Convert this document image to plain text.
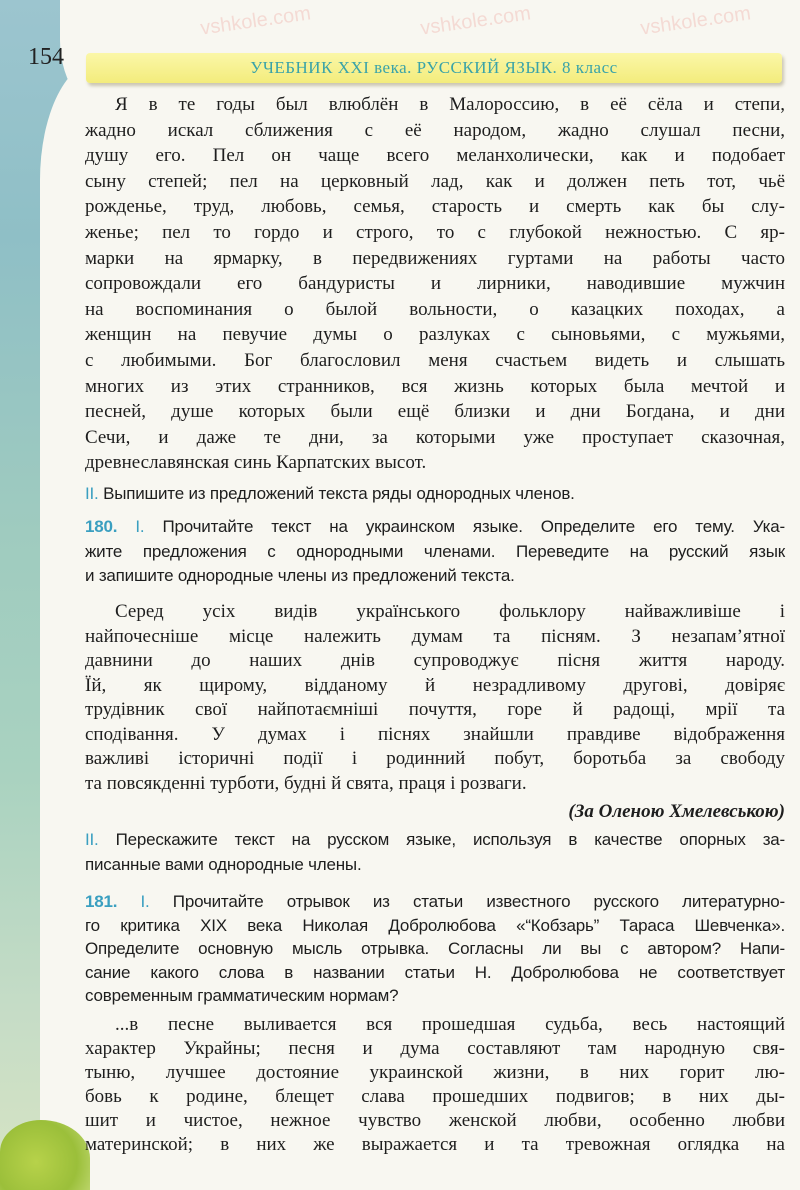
vshkole.com	vshkole.com	vshkole.com
154	УЧЕБНИК XXI века. РУССКИЙ ЯЗЫК. 8 класс
Я в те годы был влюблён в Малороссию, в её сёла и степи,
жадно искал сближения с её народом, жадно слушал песни,
душу его. Пел он чаще всего меланхолически, как и подобает
сыну степей; пел на церковный лад, как и должен петь тот, чьё
рожденье, труд, любовь, семья, старость и смерть как бы слу-
женье; пел то гордо и строго, то с глубокой нежностью. С яр-
марки на ярмарку, в передвижениях гуртами на работы часто
сопровождали его бандуристы и лирники, наводившие мужчин
на воспоминания о былой вольности, о казацких походах, а
женщин на певучие думы о разлуках с сыновьями, с мужьями,
с любимыми. Бог благословил меня счастьем видеть и слышать
многих из этих странников, вся жизнь которых была мечтой и
песней, душе которых были ещё близки и дни Богдана, и дни
Сечи, и даже те дни, за которыми уже проступает сказочная,
древнеславянская синь Карпатских высот.
II. Выпишите из предложений текста ряды однородных членов.
180. I. Прочитайте текст на украинском языке. Определите его тему. Ука-
жите предложения с однородными членами. Переведите на русский язык
и запишите однородные члены из предложений текста.
Серед усіх видів українського фольклору найважливіше і
найпочесніше місце належить думам та пісням. З незапам’ятної
давнини до наших днів супроводжує пісня життя народу.
Їй, як щирому, відданому й незрадливому другові, довіряє
трудівник свої найпотаємніші почуття, горе й радощі, мрії та
сподівання. У думах і піснях знайшли правдиве відображення
важливі історичні події і родинний побут, боротьба за свободу
та повсякденні турботи, будні й свята, праця і розваги.
(За Оленою Хмелевською)
II. Перескажите текст на русском языке, используя в качестве опорных за-
писанные вами однородные члены.
181. I. Прочитайте отрывок из статьи известного русского литературно-
го критика XIX века Николая Добролюбова «“Кобзарь” Тараса Шевченка».
Определите основную мысль отрывка. Согласны ли вы с автором? Напи-
сание какого слова в названии статьи Н. Добролюбова не соответствует
современным грамматическим нормам?
...в песне выливается вся прошедшая судьба, весь настоящий
характер Украйны; песня и дума составляют там народную свя-
тыню, лучшее достояние украинской жизни, в них горит лю-
бовь к родине, блещет слава прошедших подвигов; в них ды-
шит и чистое, нежное чувство женской любви, особенно любви
материнской; в них же выражается и та тревожная оглядка на
